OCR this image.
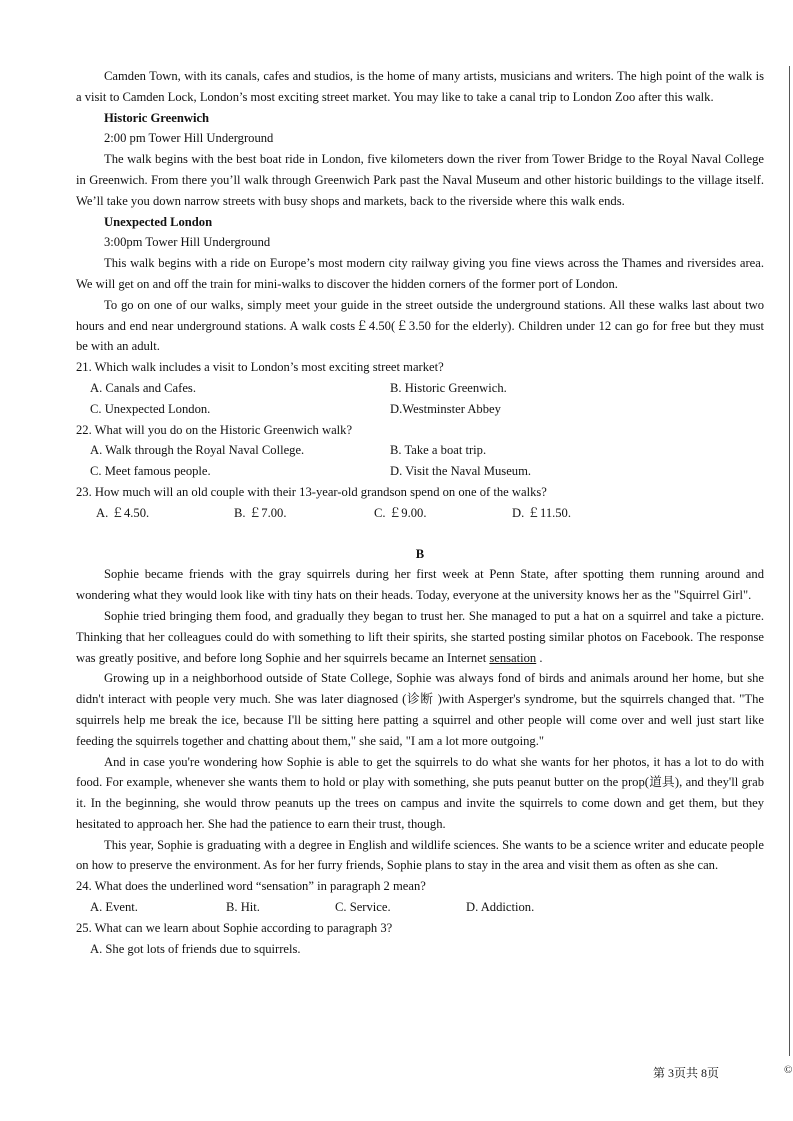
Camden Town, with its canals, cafes and studios, is the home of many artists, musicians and writers. The high point of the walk is a visit to Camden Lock, London’s most exciting street market. You may like to take a canal trip to London Zoo after this walk.

Historic Greenwich

2:00 pm Tower Hill Underground

The walk begins with the best boat ride in London, five kilometers down the river from Tower Bridge to the Royal Naval College in Greenwich. From there you’ll walk through Greenwich Park past the Naval Museum and other historic buildings to the village itself. We’ll take you down narrow streets with busy shops and markets, back to the riverside where this walk ends.

Unexpected London

3:00pm Tower Hill Underground

This walk begins with a ride on Europe’s most modern city railway giving you fine views across the Thames and riversides area. We will get on and off the train for mini-walks to discover the hidden corners of the former port of London.

To go on one of our walks, simply meet your guide in the street outside the underground stations. All these walks last about two hours and end near underground stations. A walk costs￡4.50(￡3.50 for the elderly). Children under 12 can go for free but they must be with an adult.

21. Which walk includes a visit to London’s most exciting street market?

A. Canals and Cafes.	B. Historic Greenwich.
C. Unexpected London.	D.Westminster Abbey

22. What will you do on the Historic Greenwich walk?

A. Walk through the Royal Naval College.	B. Take a boat trip.
C. Meet famous people.	D. Visit the Naval Museum.

23. How much will an old couple with their 13-year-old grandson spend on one of the walks?

A. ￡4.50.	B. ￡7.00.	C. ￡9.00.	D. ￡11.50.
B

Sophie became friends with the gray squirrels during her first week at Penn State, after spotting them running around and wondering what they would look like with tiny hats on their heads. Today, everyone at the university knows her as the "Squirrel Girl".

Sophie tried bringing them food, and gradually they began to trust her. She managed to put a hat on a squirrel and take a picture. Thinking that her colleagues could do with something to lift their spirits, she started posting similar photos on Facebook. The response was greatly positive, and before long Sophie and her squirrels became an Internet sensation .

Growing up in a neighborhood outside of State College, Sophie was always fond of birds and animals around her home, but she didn't interact with people very much. She was later diagnosed (诊断 )with Asperger's syndrome, but the squirrels changed that. "The squirrels help me break the ice, because I'll be sitting here patting a squirrel and other people will come over and well just start like feeding the squirrels together and chatting about them," she said, "I am a lot more outgoing."

And in case you're wondering how Sophie is able to get the squirrels to do what she wants for her photos, it has a lot to do with food. For example, whenever she wants them to hold or play with something, she puts peanut butter on the prop(道具), and they'll grab it. In the beginning, she would throw peanuts up the trees on campus and invite the squirrels to come down and get them, but they hesitated to approach her. She had the patience to earn their trust, though.

This year, Sophie is graduating with a degree in English and wildlife sciences. She wants to be a science writer and educate people on how to preserve the environment. As for her furry friends, Sophie plans to stay in the area and visit them as often as she can.

24. What does the underlined word “sensation” in paragraph 2 mean?

A. Event.	B. Hit.	C. Service.	D. Addiction.

25. What can we learn about Sophie according to paragraph 3?

A. She got lots of friends due to squirrels.
第 3页共 8页	©
